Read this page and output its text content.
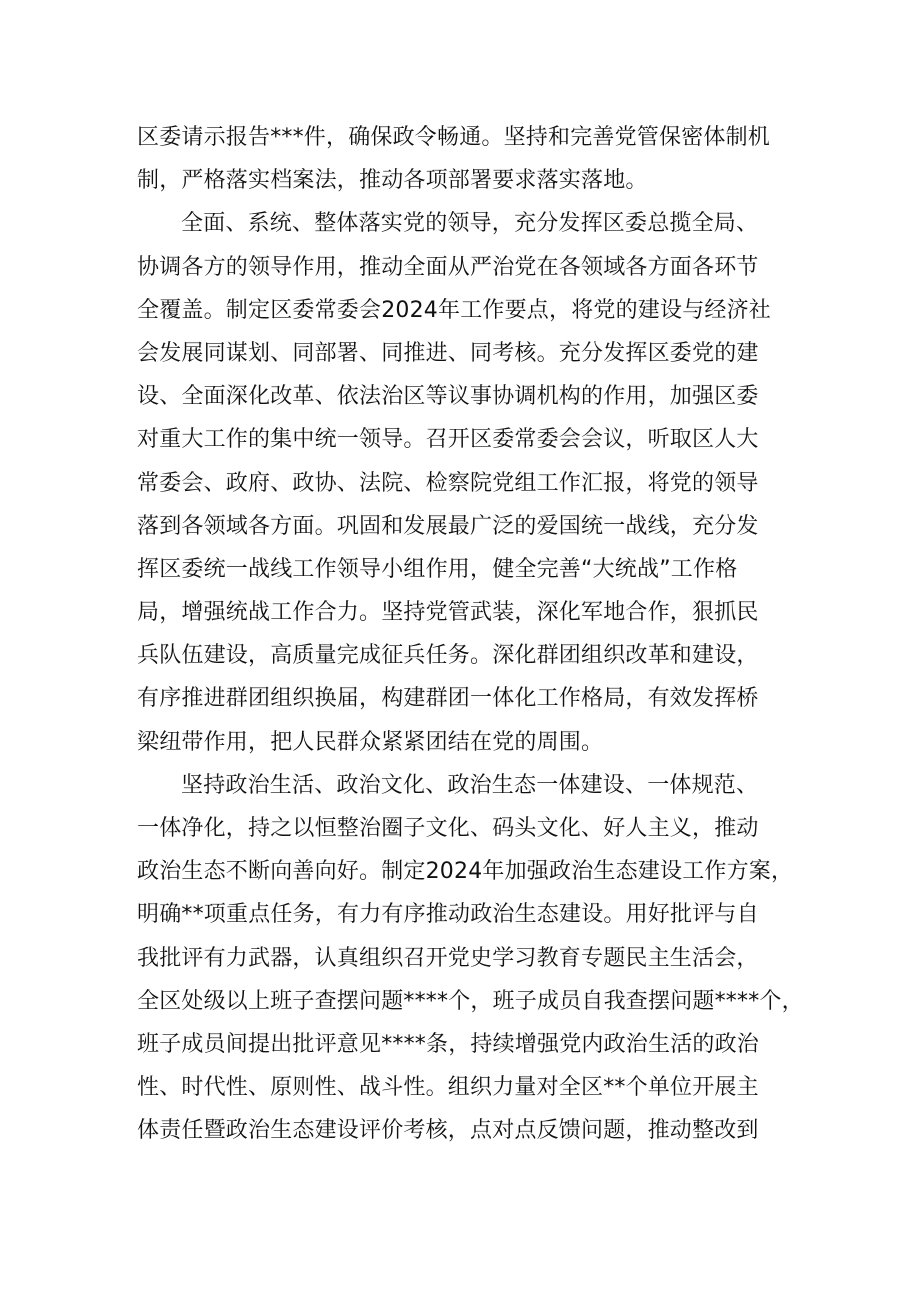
区委请示报告***件，确保政令畅通。坚持和完善党管保密体制机
制，严格落实档案法，推动各项部署要求落实落地。
全面、系统、整体落实党的领导，充分发挥区委总揽全局、
协调各方的领导作用，推动全面从严治党在各领域各方面各环节
全覆盖。制定区委常委会2024年工作要点，将党的建设与经济社
会发展同谋划、同部署、同推进、同考核。充分发挥区委党的建
设、全面深化改革、依法治区等议事协调机构的作用，加强区委
对重大工作的集中统一领导。召开区委常委会会议，听取区人大
常委会、政府、政协、法院、检察院党组工作汇报，将党的领导
落到各领域各方面。巩固和发展最广泛的爱国统一战线，充分发
挥区委统一战线工作领导小组作用，健全完善“大统战”工作格
局，增强统战工作合力。坚持党管武装，深化军地合作，狠抓民
兵队伍建设，高质量完成征兵任务。深化群团组织改革和建设，
有序推进群团组织换届，构建群团一体化工作格局，有效发挥桥
梁纽带作用，把人民群众紧紧团结在党的周围。
坚持政治生活、政治文化、政治生态一体建设、一体规范、
一体净化，持之以恒整治圈子文化、码头文化、好人主义，推动
政治生态不断向善向好。制定2024年加强政治生态建设工作方案，
明确**项重点任务，有力有序推动政治生态建设。用好批评与自
我批评有力武器，认真组织召开党史学习教育专题民主生活会，
全区处级以上班子查摆问题****个，班子成员自我查摆问题****个，
班子成员间提出批评意见****条，持续增强党内政治生活的政治
性、时代性、原则性、战斗性。组织力量对全区**个单位开展主
体责任暨政治生态建设评价考核，点对点反馈问题，推动整改到
